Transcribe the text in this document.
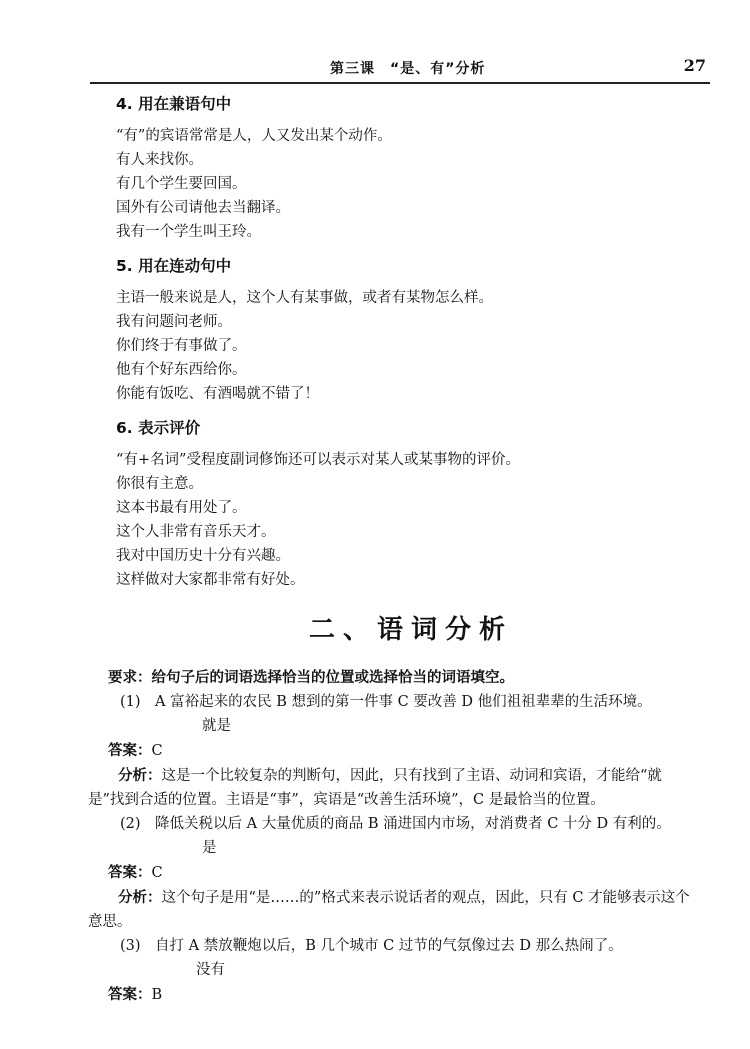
第三课　“是、有”分析	27
4. 用在兼语句中
“有”的宾语常常是人，人又发出某个动作。
有人来找你。
有几个学生要回国。
国外有公司请他去当翻译。
我有一个学生叫王玲。
5. 用在连动句中
主语一般来说是人，这个人有某事做，或者有某物怎么样。
我有问题问老师。
你们终于有事做了。
他有个好东西给你。
你能有饭吃、有酒喝就不错了！
6. 表示评价
“有+名词”受程度副词修饰还可以表示对某人或某事物的评价。
你很有主意。
这本书最有用处了。
这个人非常有音乐天才。
我对中国历史十分有兴趣。
这样做对大家都非常有好处。
二、语词分析
要求：给句子后的词语选择恰当的位置或选择恰当的词语填空。
(1)　A 富裕起来的农民 B 想到的第一件事 C 要改善 D 他们祖祖辈辈的生活环境。
就是
答案：C
分析：这是一个比较复杂的判断句，因此，只有找到了主语、动词和宾语，才能给“就是”找到合适的位置。主语是“事”，宾语是“改善生活环境”，C 是最恰当的位置。
(2)　降低关税以后 A 大量优质的商品 B 涌进国内市场，对消费者 C 十分 D 有利的。
是
答案：C
分析：这个句子是用“是……的”格式来表示说话者的观点，因此，只有 C 才能够表示这个意思。
(3)　自打 A 禁放鞭炮以后，B 几个城市 C 过节的气氛像过去 D 那么热闹了。
没有
答案：B
